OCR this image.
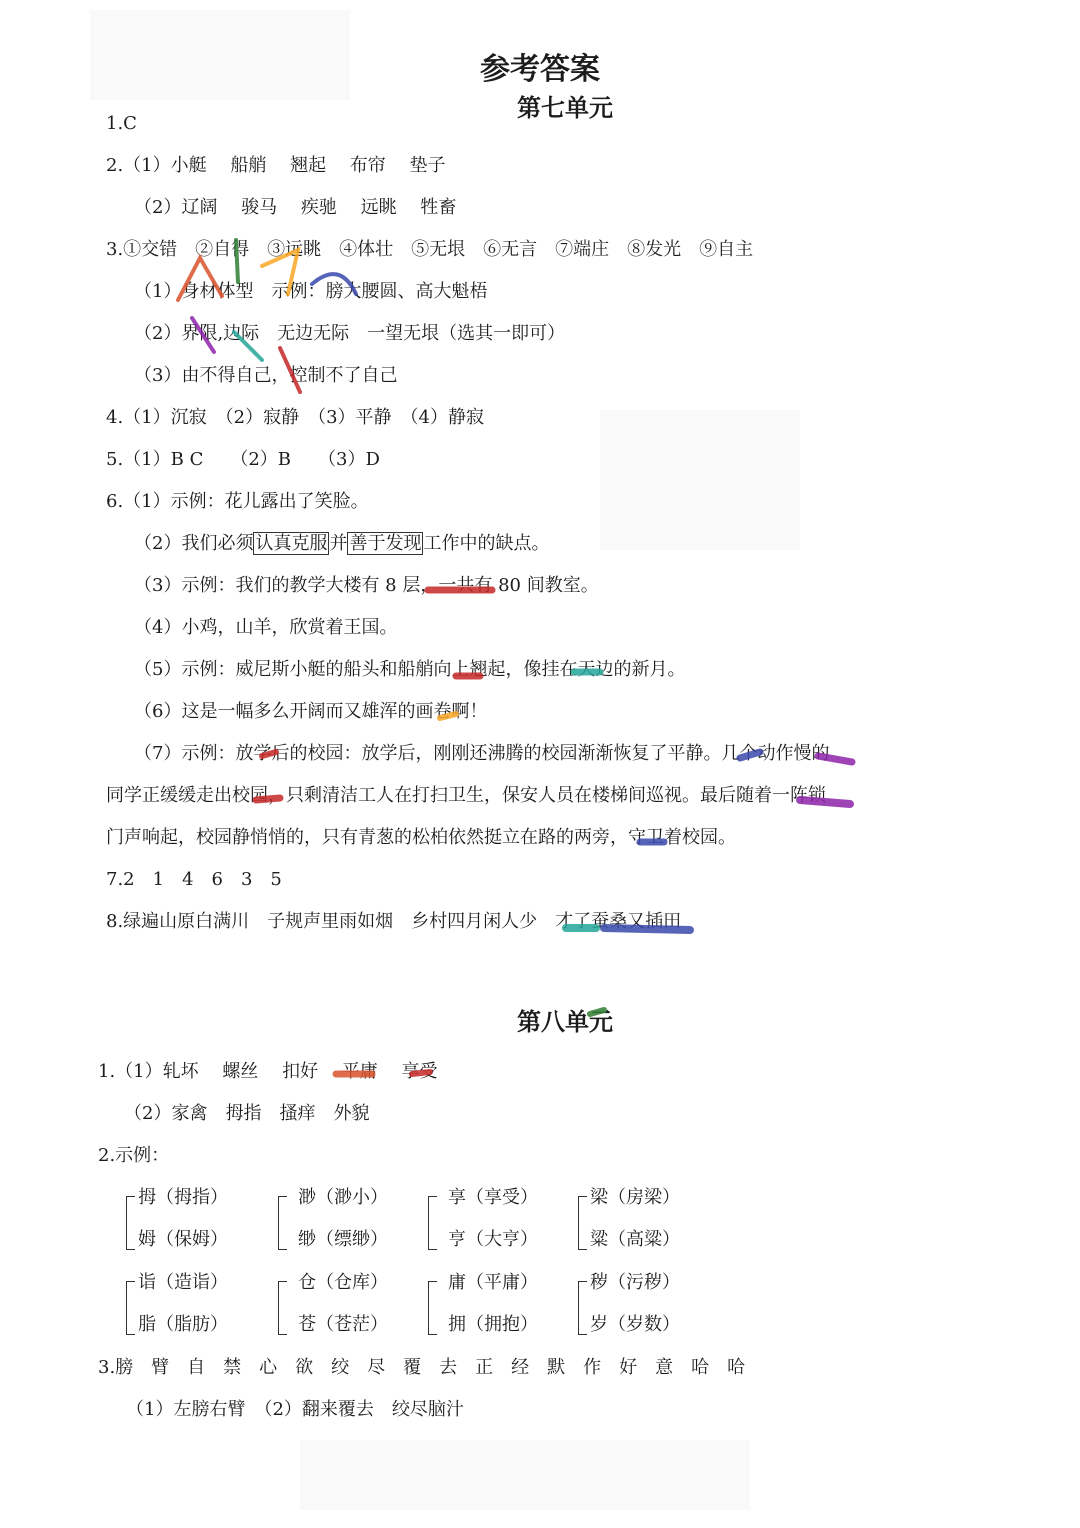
参考答案
第七单元
1.C
2.（1）小艇　 船艄　 翘起　 布帘　 垫子
（2）辽阔　 骏马　 疾驰　 远眺　 牲畜
3.①交错　②自得　③远眺　④体壮　⑤无垠　⑥无言　⑦端庄　⑧发光　⑨自主
（1）身材体型　示例：膀大腰圆、高大魁梧
（2）界限,边际　无边无际　一望无垠（选其一即可）
（3）由不得自己，控制不了自己
4.（1）沉寂　（2）寂静　（3）平静　（4）静寂
5.（1）B C　　（2）B　　（3）D
6.（1）示例：花儿露出了笑脸。
（2）我们必须 认真克服 并 善于发现 工作中的缺点。
（3）示例：我们的教学大楼有 8 层，一共有 80 间教室。
（4）小鸡，山羊，欣赏着王国。
（5）示例：威尼斯小艇的船头和船艄向上翘起，像挂在天边的新月。
（6）这是一幅多么开阔而又雄浑的画卷啊！
（7）示例：放学后的校园：放学后，刚刚还沸腾的校园渐渐恢复了平静。几个动作慢的
同学正缓缓走出校园，只剩清洁工人在打扫卫生，保安人员在楼梯间巡视。最后随着一阵锁
门声响起，校园静悄悄的，只有青葱的松柏依然挺立在路的两旁，守卫着校园。
7.2　1　4　6　3　5
8.绿遍山原白满川　子规声里雨如烟　乡村四月闲人少　才了蚕桑又插田
第八单元
1.（1）轧坏　 螺丝　 扣好　 平庸　 享受
（2）家禽　拇指　搔痒　外貌
2.示例：
拇（拇指）
姆（保姆）
渺（渺小）
缈（缥缈）
享（享受）
亨（大亨）
梁（房梁）
粱（高粱）
诣（造诣）
脂（脂肪）
仓（仓库）
苍（苍茫）
庸（平庸）
拥（拥抱）
秽（污秽）
岁（岁数）
3.膀　臂　自　禁　心　欲　绞　尽　覆　去　正　经　默　作　好　意　哈　哈
（1）左膀右臂　（2）翻来覆去　绞尽脑汁
